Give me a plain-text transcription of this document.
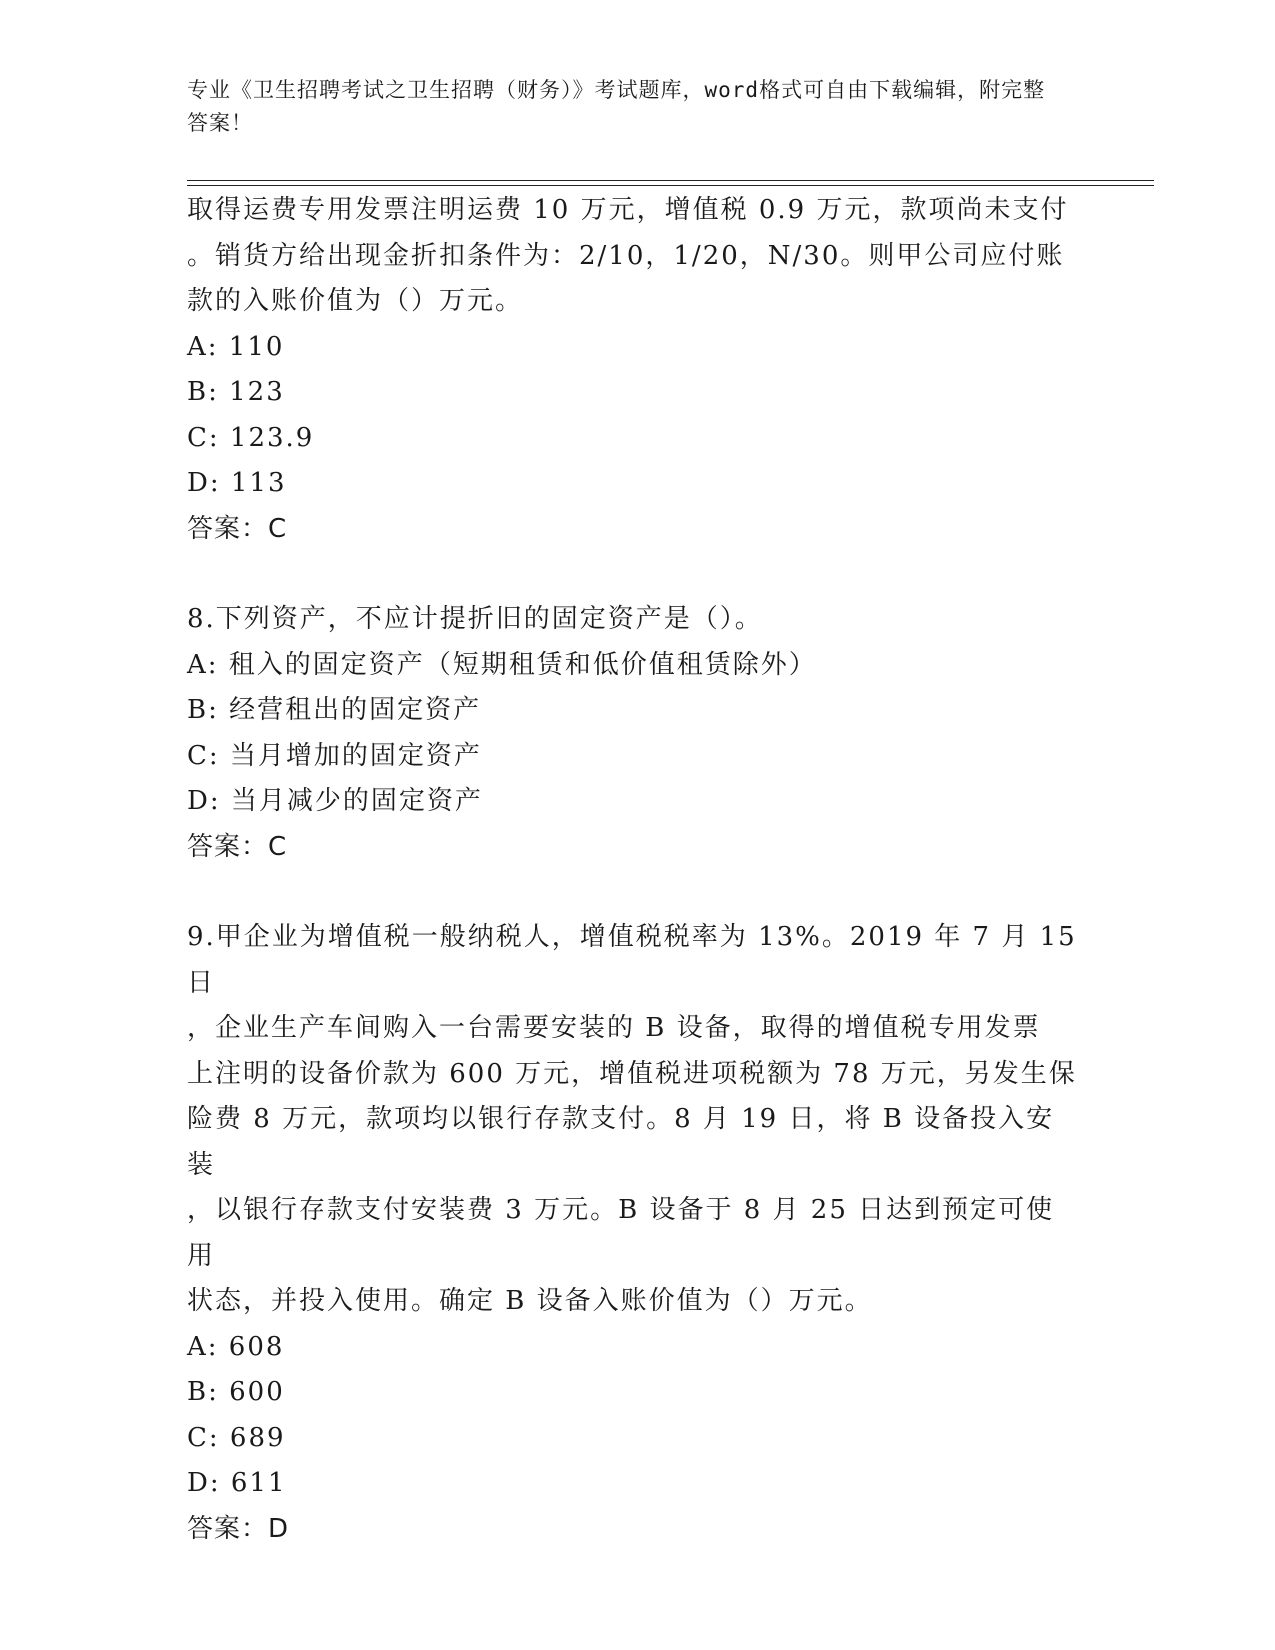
专业《卫生招聘考试之卫生招聘（财务）》考试题库，word格式可自由下载编辑，附完整答案！

取得运费专用发票注明运费 10 万元，增值税 0.9 万元，款项尚未支付

。销货方给出现金折扣条件为：2/10，1/20，N/30。则甲公司应付账

款的入账价值为（）万元。

A: 110

B: 123

C: 123.9

D: 113

答案：C

8.下列资产，不应计提折旧的固定资产是（）。

A: 租入的固定资产（短期租赁和低价值租赁除外）

B: 经营租出的固定资产

C: 当月增加的固定资产

D: 当月减少的固定资产

答案：C

9.甲企业为增值税一般纳税人，增值税税率为 13%。2019 年 7 月 15 日

，企业生产车间购入一台需要安装的 B 设备，取得的增值税专用发票

上注明的设备价款为 600 万元，增值税进项税额为 78 万元，另发生保

险费 8 万元，款项均以银行存款支付。8 月 19 日，将 B 设备投入安装

，以银行存款支付安装费 3 万元。B 设备于 8 月 25 日达到预定可使用

状态，并投入使用。确定 B 设备入账价值为（）万元。

A: 608

B: 600

C: 689

D: 611

答案：D
